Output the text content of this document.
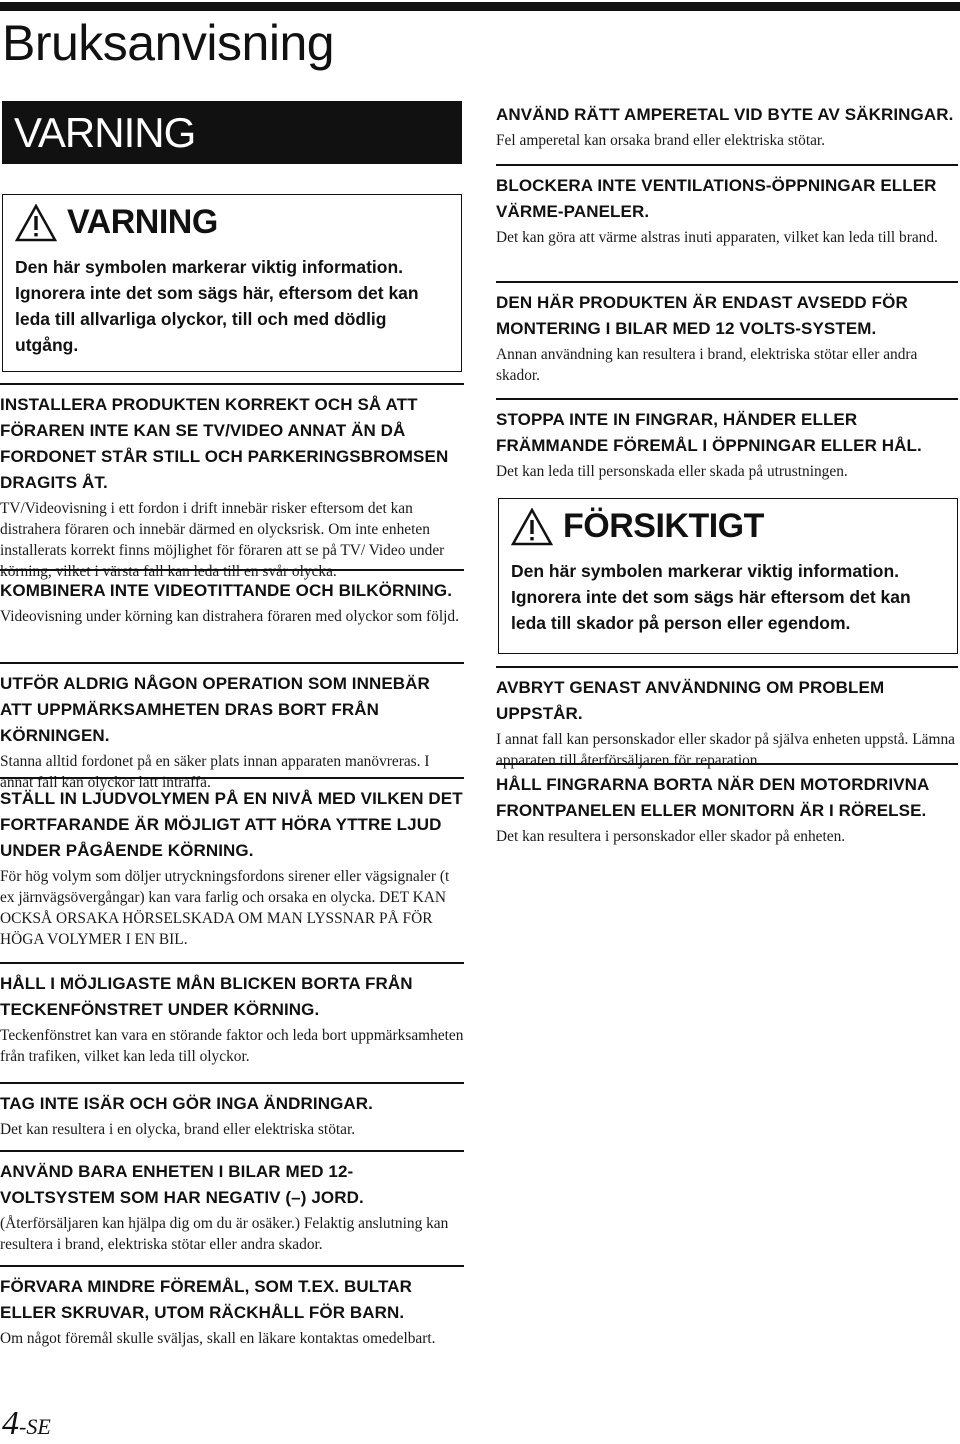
Bruksanvisning
VARNING
VARNING

Den här symbolen markerar viktig information. Ignorera inte det som sägs här, eftersom det kan leda till allvarliga olyckor, till och med dödlig utgång.

INSTALLERA PRODUKTEN KORREKT OCH SÅ ATT FÖRAREN INTE KAN SE TV/VIDEO ANNAT ÄN DÅ FORDONET STÅR STILL OCH PARKERINGSBROMSEN DRAGITS ÅT.

TV/Videovisning i ett fordon i drift innebär risker eftersom det kan distrahera föraren och innebär därmed en olycksrisk. Om inte enheten installerats korrekt finns möjlighet för föraren att se på TV/ Video under körning, vilket i värsta fall kan leda till en svår olycka.

KOMBINERA INTE VIDEOTITTANDE OCH BILKÖRNING.

Videovisning under körning kan distrahera föraren med olyckor som följd.

UTFÖR ALDRIG NÅGON OPERATION SOM INNEBÄR ATT UPPMÄRKSAMHETEN DRAS BORT FRÅN KÖRNINGEN.

Stanna alltid fordonet på en säker plats innan apparaten manövreras. I annat fall kan olyckor lätt inträffa.

STÄLL IN LJUDVOLYMEN PÅ EN NIVÅ MED VILKEN DET FORTFARANDE ÄR MÖJLIGT ATT HÖRA YTTRE LJUD UNDER PÅGÅENDE KÖRNING.

För hög volym som döljer utryckningsfordons sirener eller vägsignaler (t ex järnvägsövergångar) kan vara farlig och orsaka en olycka. DET KAN OCKSÅ ORSAKA HÖRSELSKADA OM MAN LYSSNAR PÅ FÖR HÖGA VOLYMER I EN BIL.

HÅLL I MÖJLIGASTE MÅN BLICKEN BORTA FRÅN TECKENFÖNSTRET UNDER KÖRNING.

Teckenfönstret kan vara en störande faktor och leda bort uppmärksamheten från trafiken, vilket kan leda till olyckor.

TAG INTE ISÄR OCH GÖR INGA ÄNDRINGAR.

Det kan resultera i en olycka, brand eller elektriska stötar.

ANVÄND BARA ENHETEN I BILAR MED 12-VOLTSYSTEM SOM HAR NEGATIV (–) JORD.

(Återförsäljaren kan hjälpa dig om du är osäker.) Felaktig anslutning kan resultera i brand, elektriska stötar eller andra skador.

FÖRVARA MINDRE FÖREMÅL, SOM T.EX. BULTAR ELLER SKRUVAR, UTOM RÄCKHÅLL FÖR BARN.

Om något föremål skulle sväljas, skall en läkare kontaktas omedelbart.

ANVÄND RÄTT AMPERETAL VID BYTE AV SÄKRINGAR.

Fel amperetal kan orsaka brand eller elektriska stötar.

BLOCKERA INTE VENTILATIONS-ÖPPNINGAR ELLER VÄRME-PANELER.

Det kan göra att värme alstras inuti apparaten, vilket kan leda till brand.

DEN HÄR PRODUKTEN ÄR ENDAST AVSEDD FÖR MONTERING I BILAR MED 12 VOLTS-SYSTEM.

Annan användning kan resultera i brand, elektriska stötar eller andra skador.

STOPPA INTE IN FINGRAR, HÄNDER ELLER FRÄMMANDE FÖREMÅL I ÖPPNINGAR ELLER HÅL.

Det kan leda till personskada eller skada på utrustningen.

FÖRSIKTIGT

Den här symbolen markerar viktig information. Ignorera inte det som sägs här eftersom det kan leda till skador på person eller egendom.

AVBRYT GENAST ANVÄNDNING OM PROBLEM UPPSTÅR.

I annat fall kan personskador eller skador på själva enheten uppstå. Lämna apparaten till återförsäljaren för reparation.

HÅLL FINGRARNA BORTA NÄR DEN MOTORDRIVNA FRONTPANELEN ELLER MONITORN ÄR I RÖRELSE.

Det kan resultera i personskador eller skador på enheten.

4-SE
